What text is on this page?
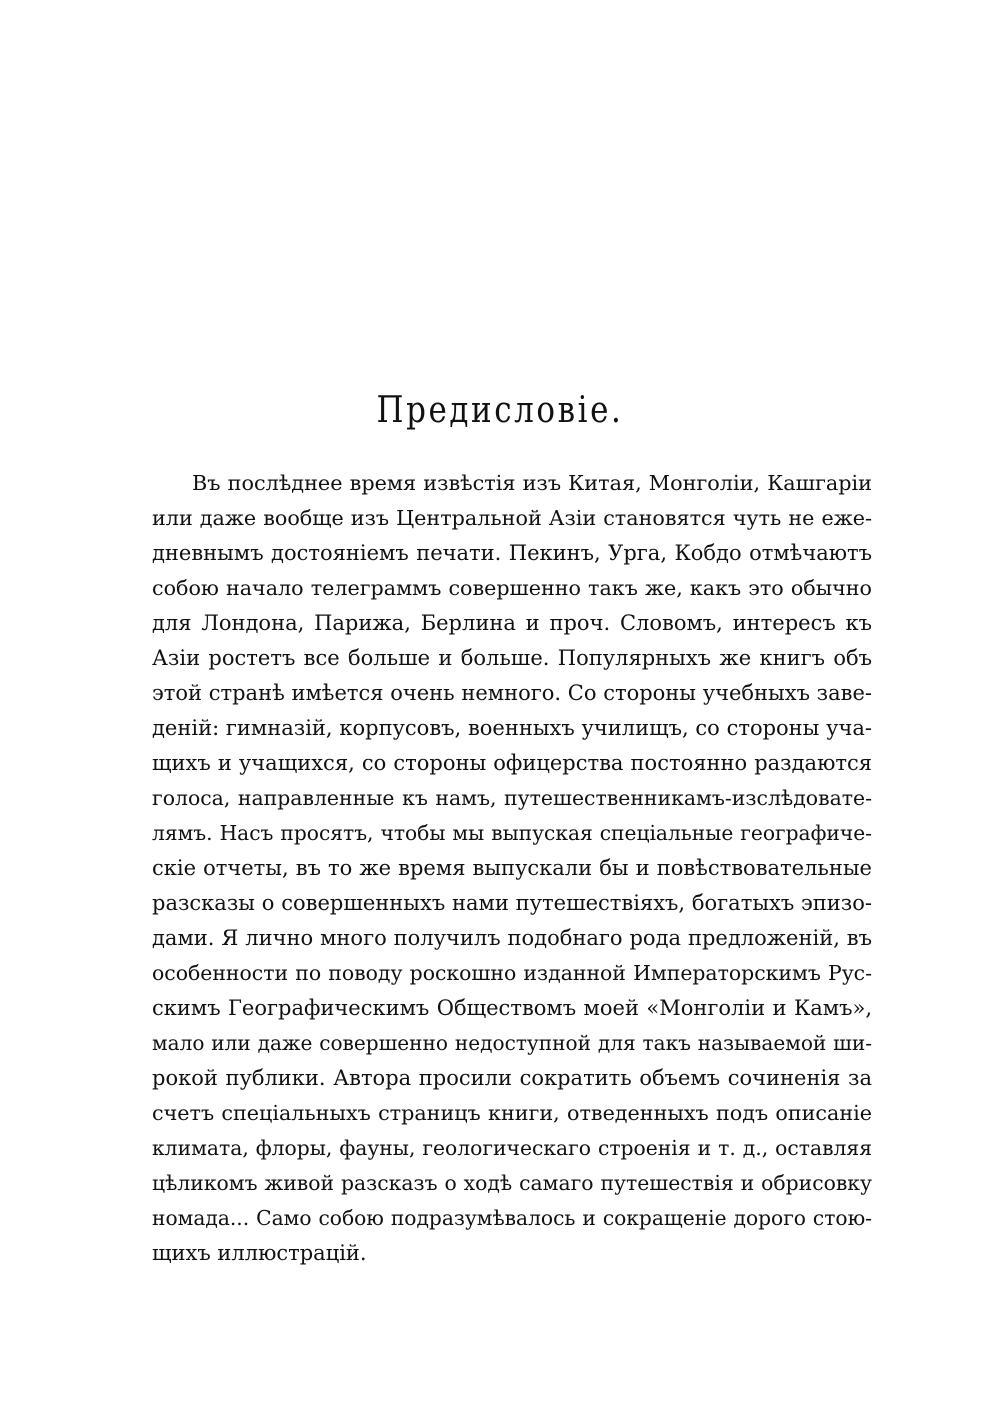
Предисловіе.
Въ послѣднее время извѣстія изъ Китая, Монголіи, Кашгаріи
или даже вообще изъ Центральной Азіи становятся чуть не еже-
дневнымъ достояніемъ печати. Пекинъ, Урга, Кобдо отмѣчаютъ
собою начало телеграммъ совершенно такъ же, какъ это обычно
для Лондона, Парижа, Берлина и проч. Словомъ, интересъ къ
Азіи ростетъ все больше и больше. Популярныхъ же книгъ объ
этой странѣ имѣется очень немного. Со стороны учебныхъ заве-
деній: гимназій, корпусовъ, военныхъ училищъ, со стороны уча-
щихъ и учащихся, со стороны офицерства постоянно раздаются
голоса, направленные къ намъ, путешественникамъ-изслѣдовате-
лямъ. Насъ просятъ, чтобы мы выпуская спеціальные географиче-
скіе отчеты, въ то же время выпускали бы и повѣствовательные
разсказы о совершенныхъ нами путешествіяхъ, богатыхъ эпизо-
дами. Я лично много получилъ подобнаго рода предложеній, въ
особенности по поводу роскошно изданной Императорскимъ Рус-
скимъ Географическимъ Обществомъ моей «Монголіи и Камъ»,
мало или даже совершенно недоступной для такъ называемой ши-
рокой публики. Автора просили сократить объемъ сочиненія за
счетъ спеціальныхъ страницъ книги, отведенныхъ подъ описаніе
климата, флоры, фауны, геологическаго строенія и т. д., оставляя
цѣликомъ живой разсказъ о ходѣ самаго путешествія и обрисовку
номада... Само собою подразумѣвалось и сокращеніе дорого стою-
щихъ иллюстрацій.
